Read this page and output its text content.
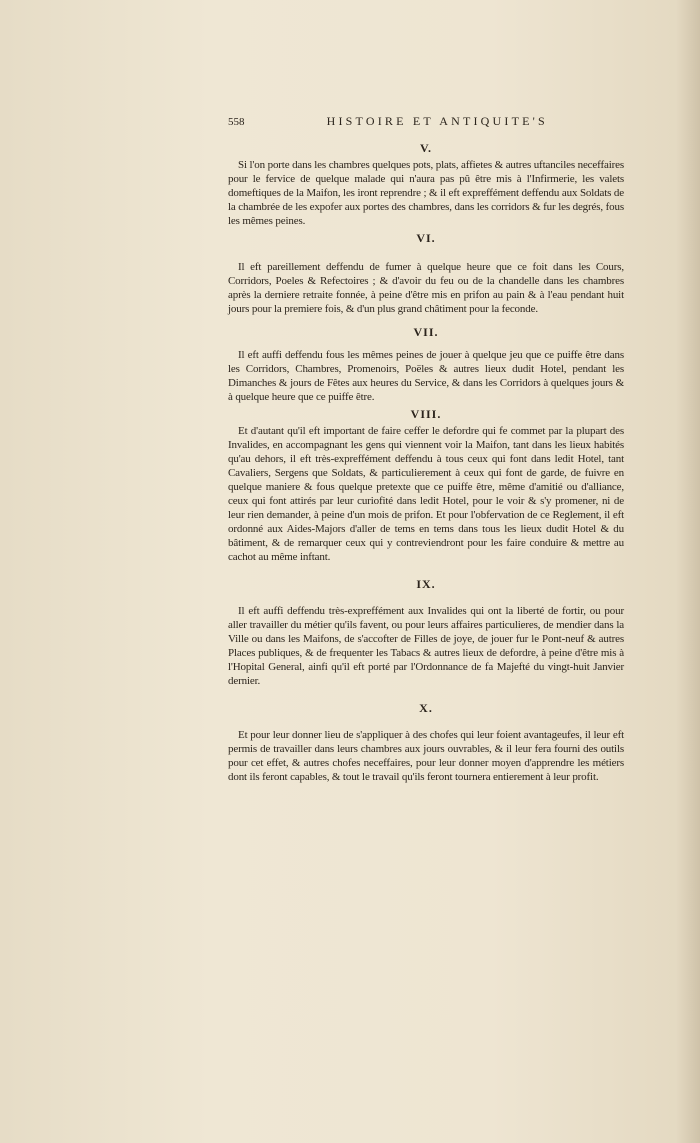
558	HISTOIRE ET ANTIQUITE'S
V.

Si l'on porte dans les chambres quelques pots, plats, affietes & autres uftanciles neceffaires pour le fervice de quelque malade qui n'aura pas pû être mis à l'Infirmerie, les valets domeftiques de la Maifon, les iront reprendre ; & il eft expreffément deffendu aux Soldats de la chambrée de les expofer aux portes des chambres, dans les corridors & fur les degrés, fous les mêmes peines.

VI.

Il eft pareillement deffendu de fumer à quelque heure que ce foit dans les Cours, Corridors, Poeles & Refectoires ; & d'avoir du feu ou de la chandelle dans les chambres après la derniere retraite fonnée, à peine d'être mis en prifon au pain & à l'eau pendant huit jours pour la premiere fois, & d'un plus grand châtiment pour la feconde.

VII.

Il eft auffi deffendu fous les mêmes peines de jouer à quelque jeu que ce puiffe être dans les Corridors, Chambres, Promenoirs, Poëles & autres lieux dudit Hotel, pendant les Dimanches & jours de Fêtes aux heures du Service, & dans les Corridors à quelques jours & à quelque heure que ce puiffe être.

VIII.

Et d'autant qu'il eft important de faire ceffer le defordre qui fe commet par la plupart des Invalides, en accompagnant les gens qui viennent voir la Maifon, tant dans les lieux habités qu'au dehors, il eft très-expreffément deffendu à tous ceux qui font dans ledit Hotel, tant Cavaliers, Sergens que Soldats, & particulierement à ceux qui font de garde, de fuivre en quelque maniere & fous quelque pretexte que ce puiffe être, même d'amitié ou d'alliance, ceux qui font attirés par leur curiofité dans ledit Hotel, pour le voir & s'y promener, ni de leur rien demander, à peine d'un mois de prifon. Et pour l'obfervation de ce Reglement, il eft ordonné aux Aides-Majors d'aller de tems en tems dans tous les lieux dudit Hotel & du bâtiment, & de remarquer ceux qui y contreviendront pour les faire conduire & mettre au cachot au même inftant.

IX.

Il eft auffi deffendu très-expreffément aux Invalides qui ont la liberté de fortir, ou pour aller travailler du métier qu'ils favent, ou pour leurs affaires particulieres, de mendier dans la Ville ou dans les Maifons, de s'accofter de Filles de joye, de jouer fur le Pont-neuf & autres Places publiques, & de frequenter les Tabacs & autres lieux de defordre, à peine d'être mis à l'Hopital General, ainfi qu'il eft porté par l'Ordonnance de fa Majefté du vingt-huit Janvier dernier.

X.

Et pour leur donner lieu de s'appliquer à des chofes qui leur foient avantageufes, il leur eft permis de travailler dans leurs chambres aux jours ouvrables, & il leur fera fourni des outils pour cet effet, & autres chofes neceffaires, pour leur donner moyen d'apprendre les métiers dont ils feront capables, & tout le travail qu'ils feront tournera entierement à leur profit.
